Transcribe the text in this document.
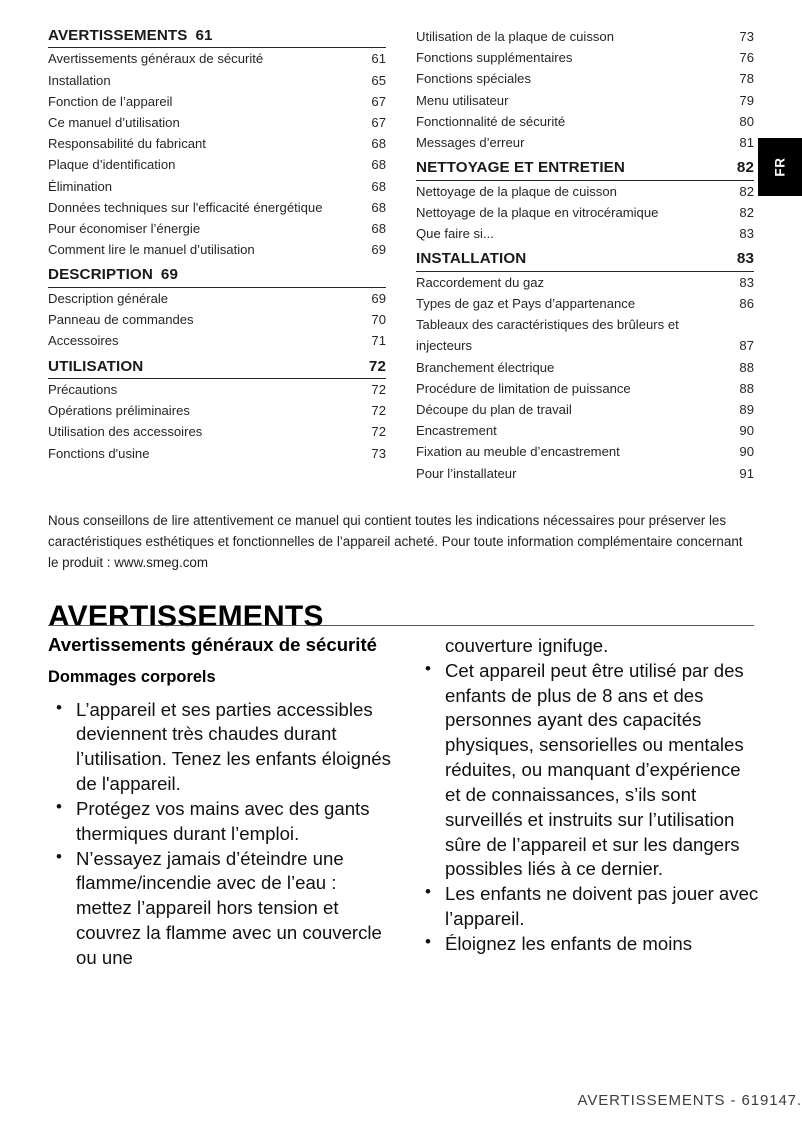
AVERTISSEMENTS 61
Avertissements généraux de sécurité	61
Installation	65
Fonction de l’appareil	67
Ce manuel d’utilisation	67
Responsabilité du fabricant	68
Plaque d’identification	68
Élimination	68
Données techniques sur l'efficacité énergétique	68
Pour économiser l’énergie	68
Comment lire le manuel d’utilisation	69
DESCRIPTION 69
Description générale	69
Panneau de commandes	70
Accessoires	71
UTILISATION	72
Précautions	72
Opérations préliminaires	72
Utilisation des accessoires	72
Fonctions d'usine	73
Utilisation de la plaque de cuisson	73
Fonctions supplémentaires	76
Fonctions spéciales	78
Menu utilisateur	79
Fonctionnalité de sécurité	80
Messages d’erreur	81
NETTOYAGE ET ENTRETIEN	82
Nettoyage de la plaque de cuisson	82
Nettoyage de la plaque en vitrocéramique	82
Que faire si...	83
INSTALLATION	83
Raccordement du gaz	83
Types de gaz et Pays d’appartenance	86
Tableaux des caractéristiques des brûleurs et injecteurs	87
Branchement électrique	88
Procédure de limitation de puissance	88
Découpe du plan de travail	89
Encastrement	90
Fixation au meuble d’encastrement	90
Pour l’installateur	91
FR

Nous conseillons de lire attentivement ce manuel qui contient toutes les indications nécessaires pour préserver les caractéristiques esthétiques et fonctionnelles de l’appareil acheté. Pour toute information complémentaire concernant le produit : www.smeg.com

AVERTISSEMENTS
Avertissements généraux de sécurité
Dommages corporels
• L’appareil et ses parties accessibles deviennent très chaudes durant l’utilisation. Tenez les enfants éloignés de l'appareil.
• Protégez vos mains avec des gants thermiques durant l’emploi.
• N’essayez jamais d’éteindre une flamme/incendie avec de l’eau : mettez l’appareil hors tension et couvrez la flamme avec un couvercle ou une
couverture ignifuge.
• Cet appareil peut être utilisé par des enfants de plus de 8 ans et des personnes ayant des capacités physiques, sensorielles ou mentales réduites, ou manquant d’expérience et de connaissances, s’ils sont surveillés et instruits sur l’utilisation sûre de l’appareil et sur les dangers possibles liés à ce dernier.
• Les enfants ne doivent pas jouer avec l’appareil.
• Éloignez les enfants de moins
AVERTISSEMENTS - 619147.
